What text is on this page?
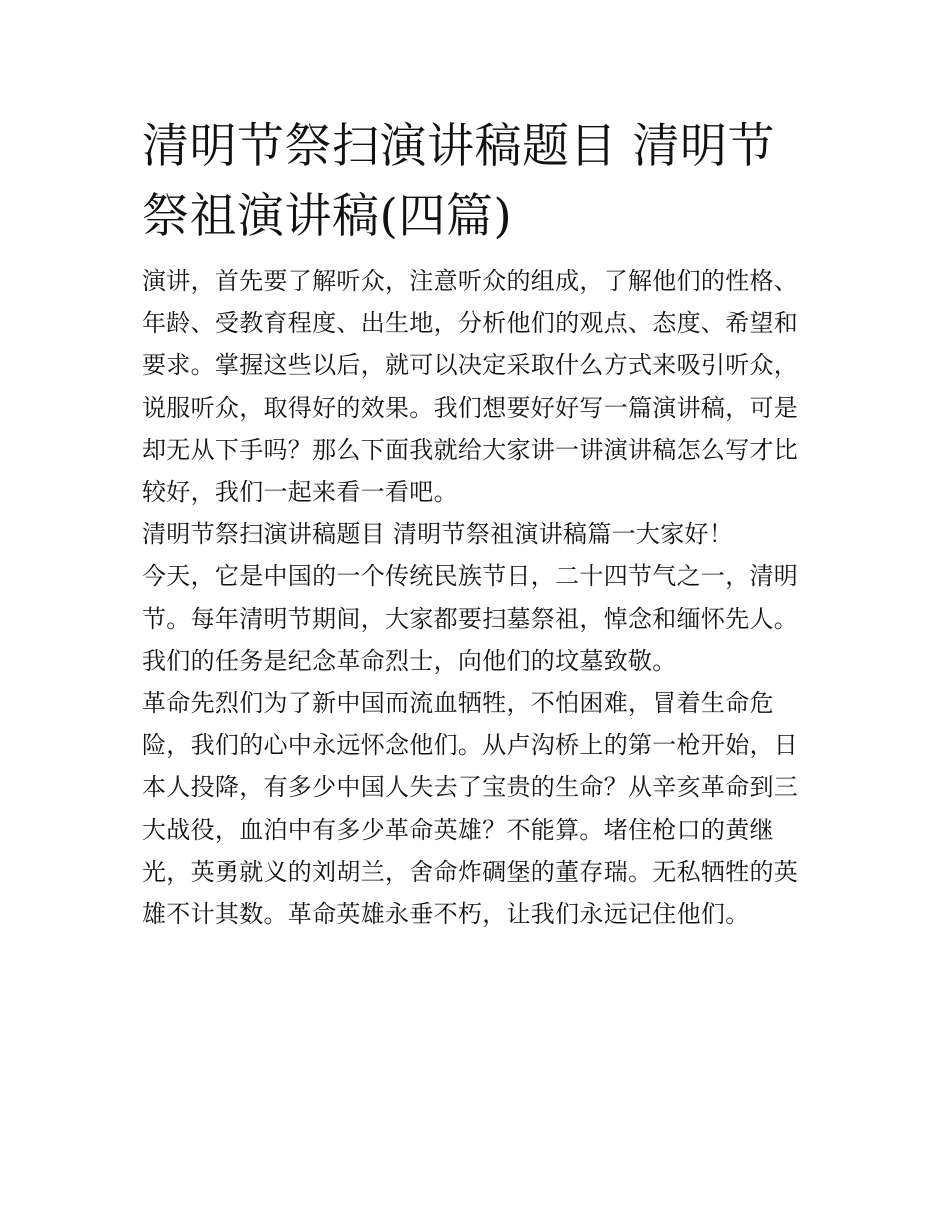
清明节祭扫演讲稿题目 清明节
祭祖演讲稿(四篇)

演讲，首先要了解听众，注意听众的组成，了解他们的性格、
年龄、受教育程度、出生地，分析他们的观点、态度、希望和
要求。掌握这些以后，就可以决定采取什么方式来吸引听众，
说服听众，取得好的效果。我们想要好好写一篇演讲稿，可是
却无从下手吗？那么下面我就给大家讲一讲演讲稿怎么写才比
较好，我们一起来看一看吧。

清明节祭扫演讲稿题目 清明节祭祖演讲稿篇一大家好！

今天，它是中国的一个传统民族节日，二十四节气之一，清明
节。每年清明节期间，大家都要扫墓祭祖，悼念和缅怀先人。
我们的任务是纪念革命烈士，向他们的坟墓致敬。

革命先烈们为了新中国而流血牺牲，不怕困难，冒着生命危
险，我们的心中永远怀念他们。从卢沟桥上的第一枪开始，日
本人投降，有多少中国人失去了宝贵的生命？从辛亥革命到三
大战役，血泊中有多少革命英雄？不能算。堵住枪口的黄继
光，英勇就义的刘胡兰，舍命炸碉堡的董存瑞。无私牺牲的英
雄不计其数。革命英雄永垂不朽，让我们永远记住他们。
